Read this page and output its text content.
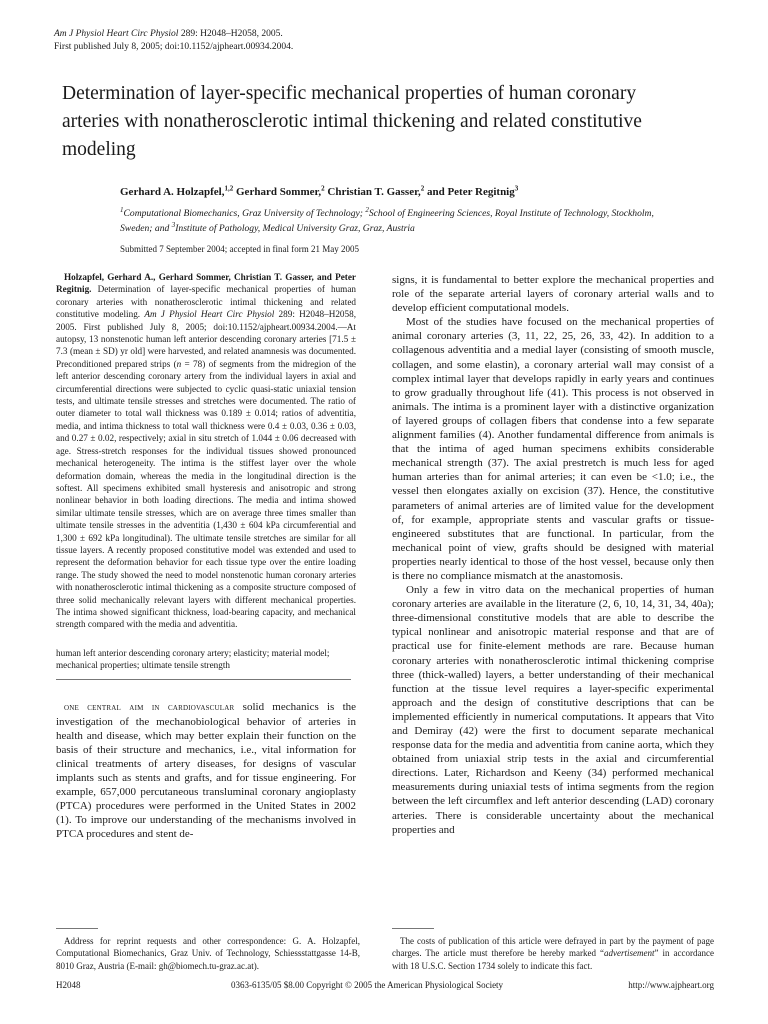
Am J Physiol Heart Circ Physiol 289: H2048–H2058, 2005.
First published July 8, 2005; doi:10.1152/ajpheart.00934.2004.
Determination of layer-specific mechanical properties of human coronary arteries with nonatherosclerotic intimal thickening and related constitutive modeling
Gerhard A. Holzapfel,$^{1,2}$ Gerhard Sommer,$^2$ Christian T. Gasser,$^2$ and Peter Regitnig$^3$
$^1$Computational Biomechanics, Graz University of Technology; $^2$School of Engineering Sciences, Royal Institute of Technology, Stockholm, Sweden; and $^3$Institute of Pathology, Medical University Graz, Graz, Austria
Submitted 7 September 2004; accepted in final form 21 May 2005

Holzapfel, Gerhard A., Gerhard Sommer, Christian T. Gasser, and Peter Regitnig. Determination of layer-specific mechanical properties of human coronary arteries with nonatherosclerotic intimal thickening and related constitutive modeling. Am J Physiol Heart Circ Physiol 289: H2048–H2058, 2005. First published July 8, 2005; doi:10.1152/ajpheart.00934.2004.—At autopsy, 13 nonstenotic human left anterior descending coronary arteries [71.5 ± 7.3 (mean ± SD) yr old] were harvested, and related anamnesis was documented. Preconditioned prepared strips (n = 78) of segments from the midregion of the left anterior descending coronary artery from the individual layers in axial and circumferential directions were subjected to cyclic quasi-static uniaxial tension tests, and ultimate tensile stresses and stretches were documented. The ratio of outer diameter to total wall thickness was 0.189 ± 0.014; ratios of adventitia, media, and intima thickness to total wall thickness were 0.4 ± 0.03, 0.36 ± 0.03, and 0.27 ± 0.02, respectively; axial in situ stretch of 1.044 ± 0.06 decreased with age. Stress-stretch responses for the individual tissues showed pronounced mechanical heterogeneity. The intima is the stiffest layer over the whole deformation domain, whereas the media in the longitudinal direction is the softest. All specimens exhibited small hysteresis and anisotropic and strong nonlinear behavior in both loading directions. The media and intima showed similar ultimate tensile stresses, which are on average three times smaller than ultimate tensile stresses in the adventitia (1,430 ± 604 kPa circumferential and 1,300 ± 692 kPa longitudinal). The ultimate tensile stretches are similar for all tissue layers. A recently proposed constitutive model was extended and used to represent the deformation behavior for each tissue type over the entire loading range. The study showed the need to model nonstenotic human coronary arteries with nonatherosclerotic intimal thickening as a composite structure composed of three solid mechanically relevant layers with different mechanical properties. The intima showed significant thickness, load-bearing capacity, and mechanical strength compared with the media and adventitia.

human left anterior descending coronary artery; elasticity; material model; mechanical properties; ultimate tensile strength

one central aim in cardiovascular solid mechanics is the investigation of the mechanobiological behavior of arteries in health and disease, which may better explain their function on the basis of their structure and mechanics, i.e., vital information for clinical treatments of artery diseases, for designs of vascular implants such as stents and grafts, and for tissue engineering. For example, 657,000 percutaneous transluminal coronary angioplasty (PTCA) procedures were performed in the United States in 2002 (1). To improve our understanding of the mechanisms involved in PTCA procedures and stent de-

signs, it is fundamental to better explore the mechanical properties and role of the separate arterial layers of coronary arterial walls and to develop efficient computational models.

Most of the studies have focused on the mechanical properties of animal coronary arteries (3, 11, 22, 25, 26, 33, 42). In addition to a collagenous adventitia and a medial layer (consisting of smooth muscle, collagen, and some elastin), a coronary arterial wall may consist of a complex intimal layer that develops rapidly in early years and continues to grow gradually throughout life (41). This process is not observed in animals. The intima is a prominent layer with a distinctive organization of layered groups of collagen fibers that condense into a few separate alignment families (4). Another fundamental difference from animals is that the intima of aged human specimens exhibits considerable mechanical strength (37). The axial prestretch is much less for aged human arteries than for animal arteries; it can even be <1.0; i.e., the vessel then elongates axially on excision (37). Hence, the constitutive parameters of animal arteries are of limited value for the development of, for example, appropriate stents and vascular grafts or tissue-engineered substitutes that are functional. In particular, from the mechanical point of view, grafts should be designed with material properties nearly identical to those of the host vessel, because only then is there no compliance mismatch at the anastomosis.

Only a few in vitro data on the mechanical properties of human coronary arteries are available in the literature (2, 6, 10, 14, 31, 34, 40a); three-dimensional constitutive models that are able to describe the typical nonlinear and anisotropic material response and that are of practical use for finite-element methods are rare. Because human coronary arteries with nonatherosclerotic intimal thickening comprise three (thick-walled) layers, a better understanding of their mechanical function at the tissue level requires a layer-specific experimental approach and the design of constitutive descriptions that can be implemented efficiently in numerical computations. It appears that Vito and Demiray (42) were the first to document separate mechanical response data for the media and adventitia from canine aorta, which they obtained from uniaxial strip tests in the axial and circumferential directions. Later, Richardson and Keeny (34) performed mechanical measurements during uniaxial tests of intima segments from the region between the left circumflex and left anterior descending (LAD) coronary arteries. There is considerable uncertainty about the mechanical properties and

Address for reprint requests and other correspondence: G. A. Holzapfel, Computational Biomechanics, Graz Univ. of Technology, Schiessstattgasse 14-B, 8010 Graz, Austria (E-mail: gh@biomech.tu-graz.ac.at).

The costs of publication of this article were defrayed in part by the payment of page charges. The article must therefore be hereby marked “advertisement” in accordance with 18 U.S.C. Section 1734 solely to indicate this fact.

H2048	0363-6135/05 $8.00 Copyright © 2005 the American Physiological Society	http://www.ajpheart.org
